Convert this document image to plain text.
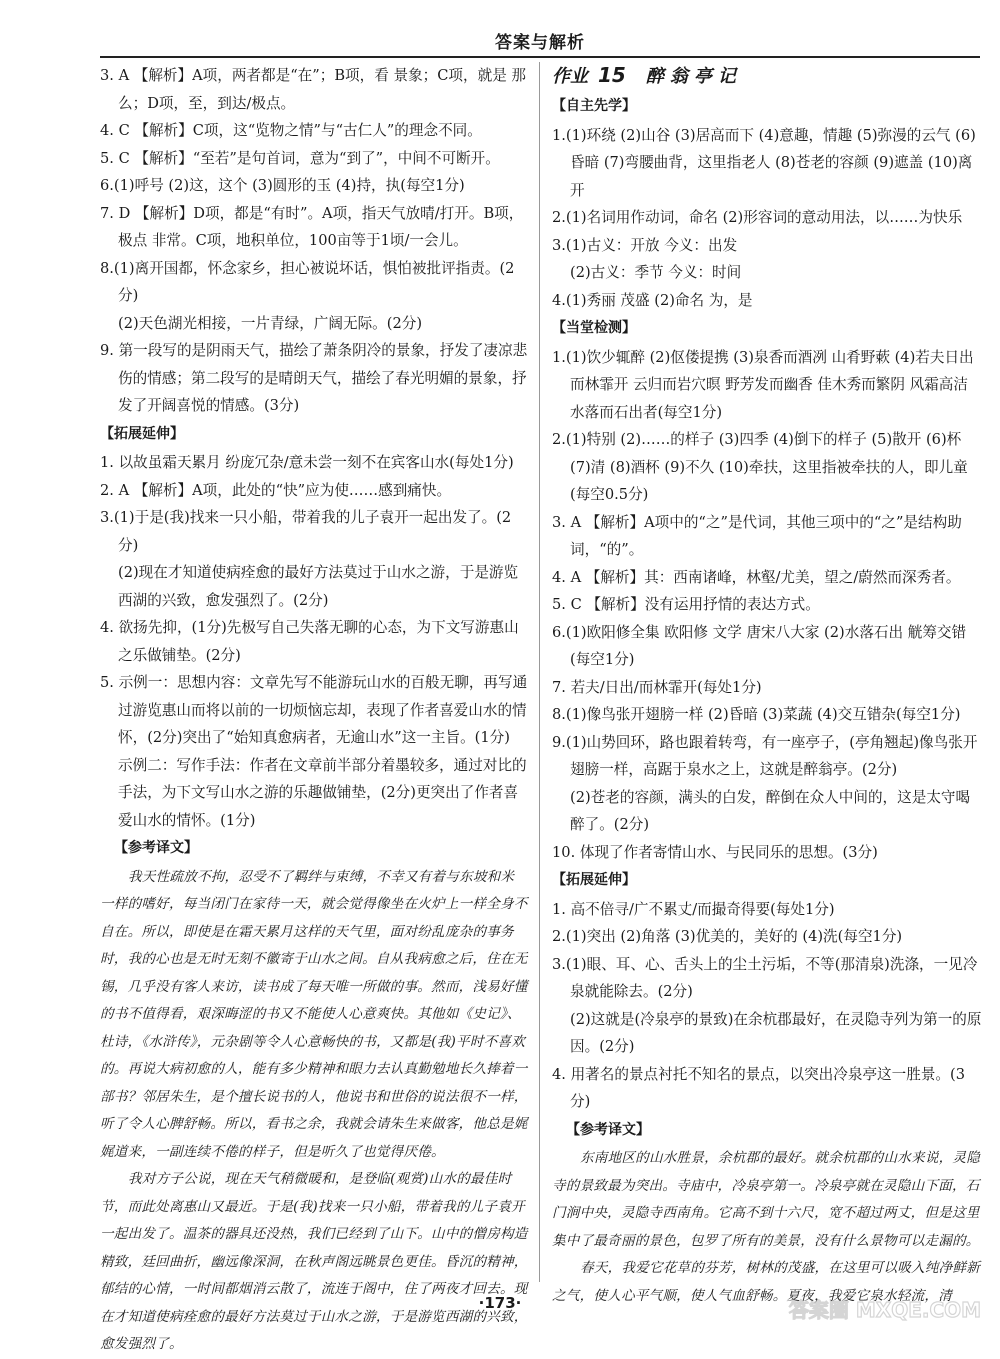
答案与解析

3. A 【解析】A项，两者都是“在”；B项，看 景象；C项，就是 那么；D项，至，到达/极点。

4. C 【解析】C项，这“览物之情”与“古仁人”的理念不同。

5. C 【解析】“至若”是句首词，意为“到了”，中间不可断开。

6.(1)呼号 (2)这，这个 (3)圆形的玉 (4)持，执(每空1分)

7. D 【解析】D项，都是“有时”。A项，指天气放晴/打开。B项，极点 非常。C项，地积单位，100亩等于1顷/一会儿。

8.(1)离开国都，怀念家乡，担心被说坏话，惧怕被批评指责。(2分)

(2)天色湖光相接，一片青绿，广阔无际。(2分)

9. 第一段写的是阴雨天气，描绘了萧条阴冷的景象，抒发了凄凉悲伤的情感；第二段写的是晴朗天气，描绘了春光明媚的景象，抒发了开阔喜悦的情感。(3分)

【拓展延伸】

1. 以故虽霜天累月 纷庞冗杂/意未尝一刻不在宾客山水(每处1分)

2. A 【解析】A项，此处的“快”应为使……感到痛快。

3.(1)于是(我)找来一只小船，带着我的儿子袁开一起出发了。(2分)

(2)现在才知道使病痊愈的最好方法莫过于山水之游，于是游览西湖的兴致，愈发强烈了。(2分)

4. 欲扬先抑，(1分)先极写自己失落无聊的心态，为下文写游惠山之乐做铺垫。(2分)

5. 示例一：思想内容：文章先写不能游玩山水的百般无聊，再写通过游览惠山而将以前的一切烦恼忘却，表现了作者喜爱山水的情怀，(2分)突出了“始知真愈病者，无逾山水”这一主旨。(1分)

示例二：写作手法：作者在文章前半部分着墨较多，通过对比的手法，为下文写山水之游的乐趣做铺垫，(2分)更突出了作者喜爱山水的情怀。(1分)

【参考译文】

我天性疏放不拘，忍受不了羁绊与束缚，不幸又有着与东坡和米一样的嗜好，每当闭门在家待一天，就会觉得像坐在火炉上一样全身不自在。所以，即使是在霜天累月这样的天气里，面对纷乱庞杂的事务时，我的心也是无时无刻不徽寄于山水之间。自从我病愈之后，住在无锡，几乎没有客人来访，读书成了每天唯一所做的事。然而，浅易好懂的书不值得看，艰深晦涩的书又不能使人心意爽快。其他如《史记》、杜诗，《水浒传》，元杂剧等令人心意畅快的书，又都是(我)平时不喜欢的。再说大病初愈的人，能有多少精神和眼力去认真勤勉地长久捧着一部书？邻居朱生，是个擅长说书的人，他说书和世俗的说法很不一样，听了令人心脾舒畅。所以，看书之余，我就会请朱生来做客，他总是娓娓道来，一副连续不倦的样子，但是听久了也觉得厌倦。

我对方子公说，现在天气稍微暖和，是登临(观赏)山水的最佳时节，而此处离惠山又最近。于是(我)找来一只小船，带着我的儿子袁开一起出发了。温茶的器具还没热，我们已经到了山下。山中的僧房构造精致，廷回曲折，幽远像深洞，在秋声阁远眺景色更佳。昏沉的精神，郁结的心情，一时间都烟消云散了，流连于阁中，住了两夜才回去。现在才知道使病痊愈的最好方法莫过于山水之游，于是游览西湖的兴致，愈发强烈了。

作业 15 醉翁亭记

【自主先学】

1.(1)环绕 (2)山谷 (3)居高而下 (4)意趣，情趣 (5)弥漫的云气 (6)昏暗 (7)弯腰曲背，这里指老人 (8)苍老的容颜 (9)遮盖 (10)离开

2.(1)名词用作动词，命名 (2)形容词的意动用法，以……为快乐

3.(1)古义：开放 今义：出发

(2)古义：季节 今义：时间

4.(1)秀丽 茂盛 (2)命名 为，是

【当堂检测】

1.(1)饮少辄醉 (2)伛偻提携 (3)泉香而酒冽 山肴野蔌 (4)若夫日出而林霏开 云归而岩穴暝 野芳发而幽香 佳木秀而繁阴 风霜高洁 水落而石出者(每空1分)

2.(1)特别 (2)……的样子 (3)四季 (4)倒下的样子 (5)散开 (6)杯 (7)清 (8)酒杯 (9)不久 (10)牵扶，这里指被牵扶的人，即儿童(每空0.5分)

3. A 【解析】A项中的“之”是代词，其他三项中的“之”是结构助词，“的”。

4. A 【解析】其：西南诸峰，林壑/尤美，望之/蔚然而深秀者。

5. C 【解析】没有运用抒情的表达方式。

6.(1)欧阳修全集 欧阳修 文学 唐宋八大家 (2)水落石出 觥筹交错(每空1分)

7. 若夫/日出/而林霏开(每处1分)

8.(1)像鸟张开翅膀一样 (2)昏暗 (3)菜蔬 (4)交互错杂(每空1分)

9.(1)山势回环，路也跟着转弯，有一座亭子，(亭角翘起)像鸟张开翅膀一样，高踞于泉水之上，这就是醉翁亭。(2分)

(2)苍老的容颜，满头的白发，醉倒在众人中间的，这是太守喝醉了。(2分)

10. 体现了作者寄情山水、与民同乐的思想。(3分)

【拓展延伸】

1. 高不倍寻/广不累丈/而撮奇得要(每处1分)

2.(1)突出 (2)角落 (3)优美的，美好的 (4)洗(每空1分)

3.(1)眼、耳、心、舌头上的尘土污垢，不等(那清泉)洗涤，一见冷泉就能除去。(2分)

(2)这就是(冷泉亭的景致)在余杭郡最好，在灵隐寺列为第一的原因。(2分)

4. 用著名的景点衬托不知名的景点，以突出冷泉亭这一胜景。(3分)

【参考译文】

东南地区的山水胜景，余杭郡的最好。就余杭郡的山水来说，灵隐寺的景致最为突出。寺庙中，冷泉亭第一。冷泉亭就在灵隐山下面，石门涧中央，灵隐寺西南角。它高不到十六尺，宽不超过两丈，但是这里集中了最奇丽的景色，包罗了所有的美景，没有什么景物可以走漏的。

春天，我爱它花草的芬芳，树林的茂盛，在这里可以吸入纯净鲜新之气，使人心平气顺，使人气血舒畅。夏夜，我爱它泉水轻流，清

·173·	答案圈 MXQE.COM
